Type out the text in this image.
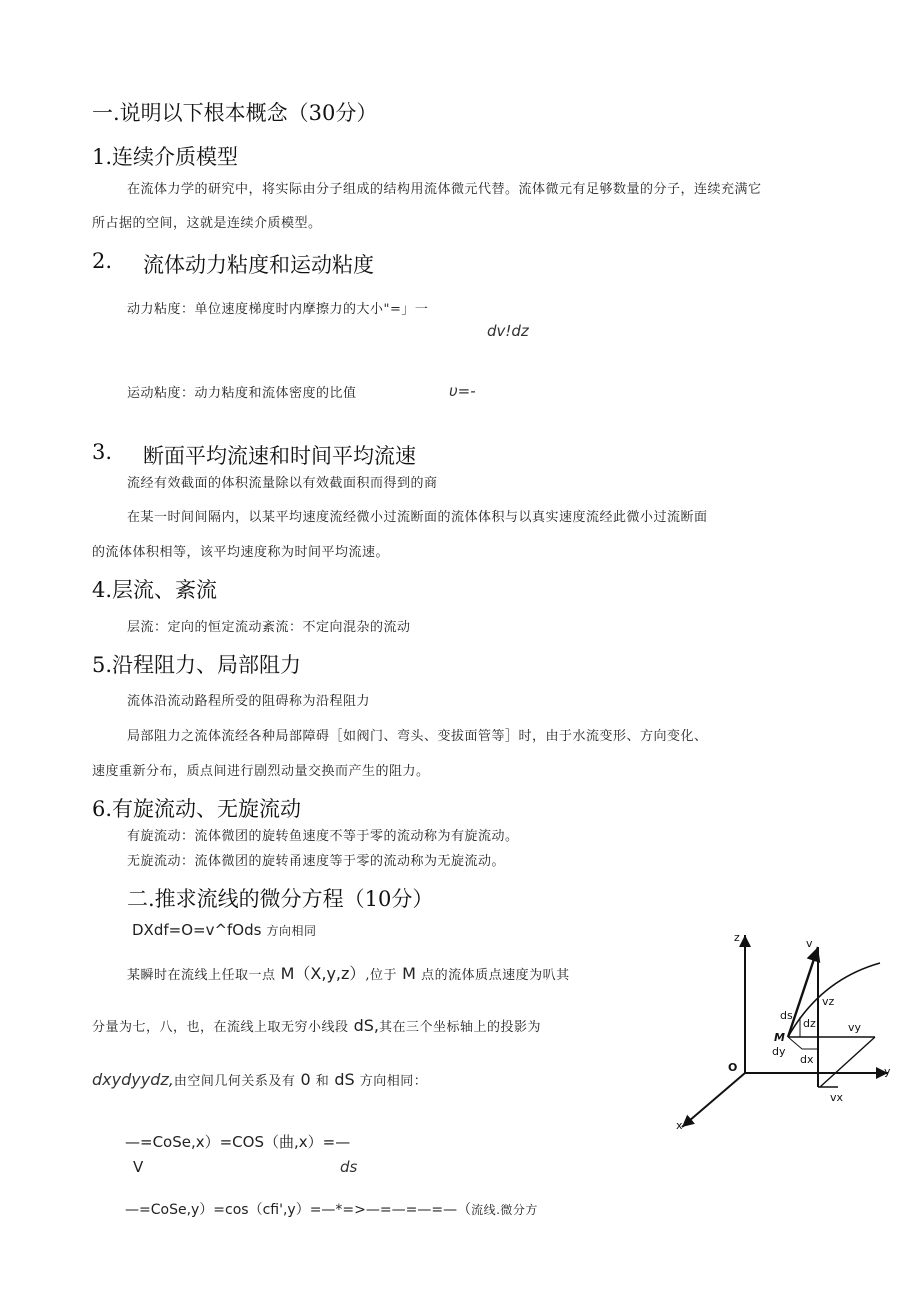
一.说明以下根本概念（30分）
1.连续介质模型
在流体力学的研究中，将实际由分子组成的结构用流体微元代替。流体微元有足够数量的分子，连续充满它
所占据的空间，这就是连续介质模型。
2. 流体动力粘度和运动粘度
动力粘度：单位速度梯度时内摩擦力的大小"=」一
dv!dz
运动粘度：动力粘度和流体密度的比值	υ=-
3. 断面平均流速和时间平均流速
流经有效截面的体积流量除以有效截面积而得到的商
在某一时间间隔内，以某平均速度流经微小过流断面的流体体积与以真实速度流经此微小过流断面
的流体体积相等，该平均速度称为时间平均流速。
4.层流、紊流
层流：定向的恒定流动紊流：不定向混杂的流动
5.沿程阻力、局部阻力
流体沿流动路程所受的阻碍称为沿程阻力
局部阻力之流体流经各种局部障碍［如阀门、弯头、变拔面管等］时，由于水流变形、方向变化、
速度重新分布，质点间进行剧烈动量交换而产生的阻力。
6.有旋流动、无旋流动
有旋流动：流体微团的旋转鱼速度不等于零的流动称为有旋流动。
无旋流动：流体微团的旋转甬速度等于零的流动称为无旋流动。
二.推求流线的微分方程（10分）
DXdf=O=v^fOds 方向相同
某瞬时在流线上任取一点 M（X,y,z）,位于 M 点的流体质点速度为叭其
分量为七，八，也，在流线上取无穷小线段 dS,其在三个坐标轴上的投影为
dxydyydz,由空间几何关系及有 0 和 dS 方向相同：
—=CoSe,x）=COS（曲,x）=—
V	ds
—=CoSe,y）=cos（cfi',y）=—*=>—=—=—=—（流线.微分方
z	v
vz
ds
dz
M
vy
dy
dx
O	y
vx
x
